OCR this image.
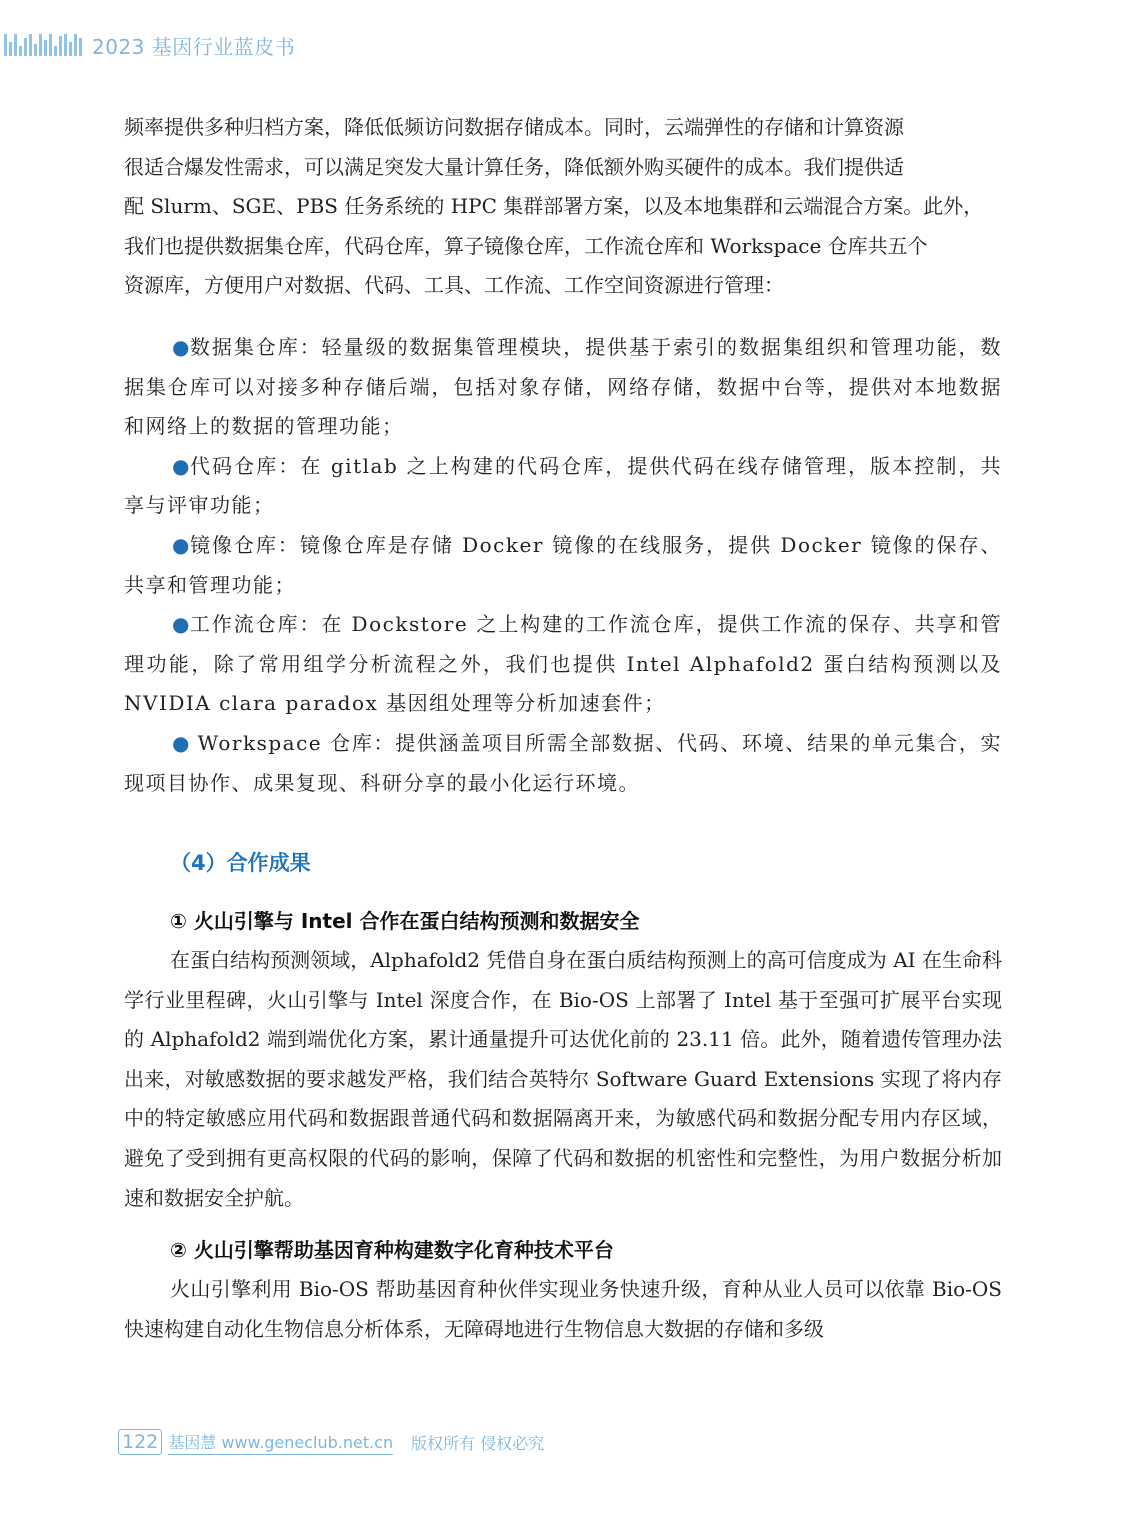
2023 基因行业蓝皮书

频率提供多种归档方案，降低低频访问数据存储成本。同时，云端弹性的存储和计算资源

很适合爆发性需求，可以满足突发大量计算任务，降低额外购买硬件的成本。我们提供适

配 Slurm、SGE、PBS 任务系统的 HPC 集群部署方案，以及本地集群和云端混合方案。此外，

我们也提供数据集仓库，代码仓库，算子镜像仓库，工作流仓库和 Workspace 仓库共五个

资源库，方便用户对数据、代码、工具、工作流、工作空间资源进行管理：

●数据集仓库：轻量级的数据集管理模块，提供基于索引的数据集组织和管理功能，数据集仓库可以对接多种存储后端，包括对象存储，网络存储，数据中台等，提供对本地数据和网络上的数据的管理功能；

●代码仓库：在 gitlab 之上构建的代码仓库，提供代码在线存储管理，版本控制，共享与评审功能；

●镜像仓库：镜像仓库是存储 Docker 镜像的在线服务，提供 Docker 镜像的保存、共享和管理功能；

●工作流仓库：在 Dockstore 之上构建的工作流仓库，提供工作流的保存、共享和管理功能，除了常用组学分析流程之外，我们也提供 Intel Alphafold2 蛋白结构预测以及 NVIDIA clara paradox 基因组处理等分析加速套件；

● Workspace 仓库：提供涵盖项目所需全部数据、代码、环境、结果的单元集合，实现项目协作、成果复现、科研分享的最小化运行环境。

（4）合作成果
① 火山引擎与 Intel 合作在蛋白结构预测和数据安全

在蛋白结构预测领域，Alphafold2 凭借自身在蛋白质结构预测上的高可信度成为 AI 在生命科学行业里程碑，火山引擎与 Intel 深度合作，在 Bio-OS 上部署了 Intel 基于至强可扩展平台实现的 Alphafold2 端到端优化方案，累计通量提升可达优化前的 23.11 倍。此外，随着遗传管理办法出来，对敏感数据的要求越发严格，我们结合英特尔 Software Guard Extensions 实现了将内存中的特定敏感应用代码和数据跟普通代码和数据隔离开来，为敏感代码和数据分配专用内存区域，避免了受到拥有更高权限的代码的影响，保障了代码和数据的机密性和完整性，为用户数据分析加速和数据安全护航。

② 火山引擎帮助基因育种构建数字化育种技术平台

火山引擎利用 Bio-OS 帮助基因育种伙伴实现业务快速升级，育种从业人员可以依靠 Bio-OS 快速构建自动化生物信息分析体系，无障碍地进行生物信息大数据的存储和多级

122 基因慧 www.geneclub.net.cn 版权所有 侵权必究
